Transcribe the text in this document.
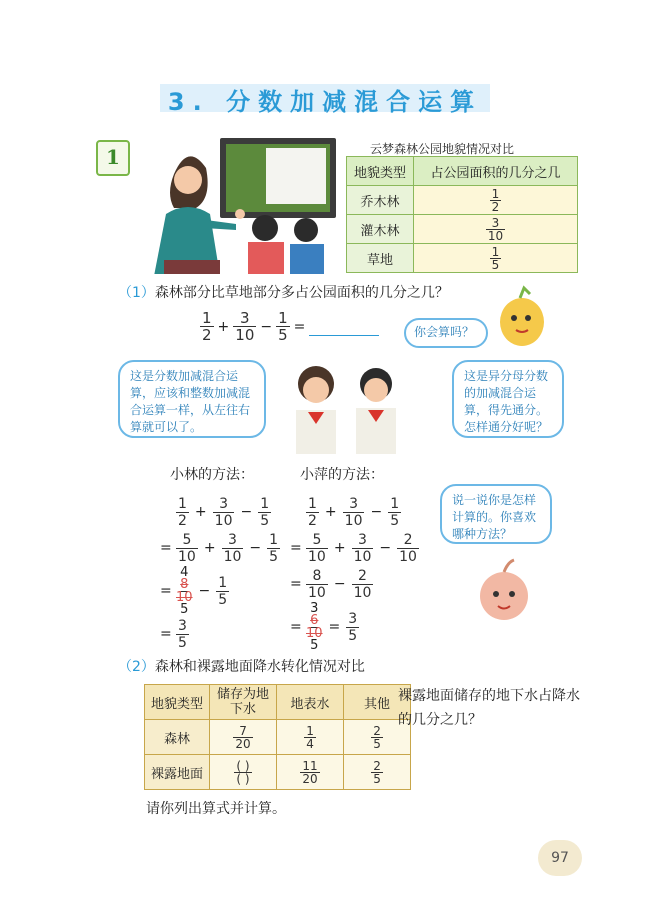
3. 分数加减混合运算
1	云梦森林公园地貌情况对比
地貌类型	占公园面积的几分之几
乔木林	$\frac{1}{2}$

灌木林	$\frac{3}{10}$

草地	$\frac{1}{5}$
（1）森林部分比草地部分多占公园面积的几分之几？
$\frac{1}{2} + \frac{3}{10} - \frac{1}{5}$ =	你会算吗？
这是分数加减混合运算，应该和整数加减混合运算一样，从左往右算就可以了。
这是异分母分数的加减混合运算，得先通分。怎样通分好呢？
小林的方法：	小萍的方法：
$\frac{1}{2} + \frac{3}{10} - \frac{1}{5}$
= $\frac{5}{10} + \frac{3}{10} - \frac{1}{5}$
=
4
8
10
5
− $\frac{1}{5}$
= $\frac{3}{5}$
$\frac{1}{2} + \frac{3}{10} - \frac{1}{5}$
= $\frac{5}{10} + \frac{3}{10} - \frac{2}{10}$
= $\frac{8}{10} - \frac{2}{10}$
=
3
6
10
5
= $\frac{3}{5}$
说一说你是怎样计算的。你喜欢哪种方法？
（2）森林和裸露地面降水转化情况对比
地貌类型	储存为地下水	地表水	其他
森林	$\frac{7}{20}$	$\frac{1}{4}$	$\frac{2}{5}$

裸露地面	$\frac{( )}{( )}$	$\frac{11}{20}$	$\frac{2}{5}$
裸露地面储存的地下水占降水的几分之几？
请你列出算式并计算。
97
